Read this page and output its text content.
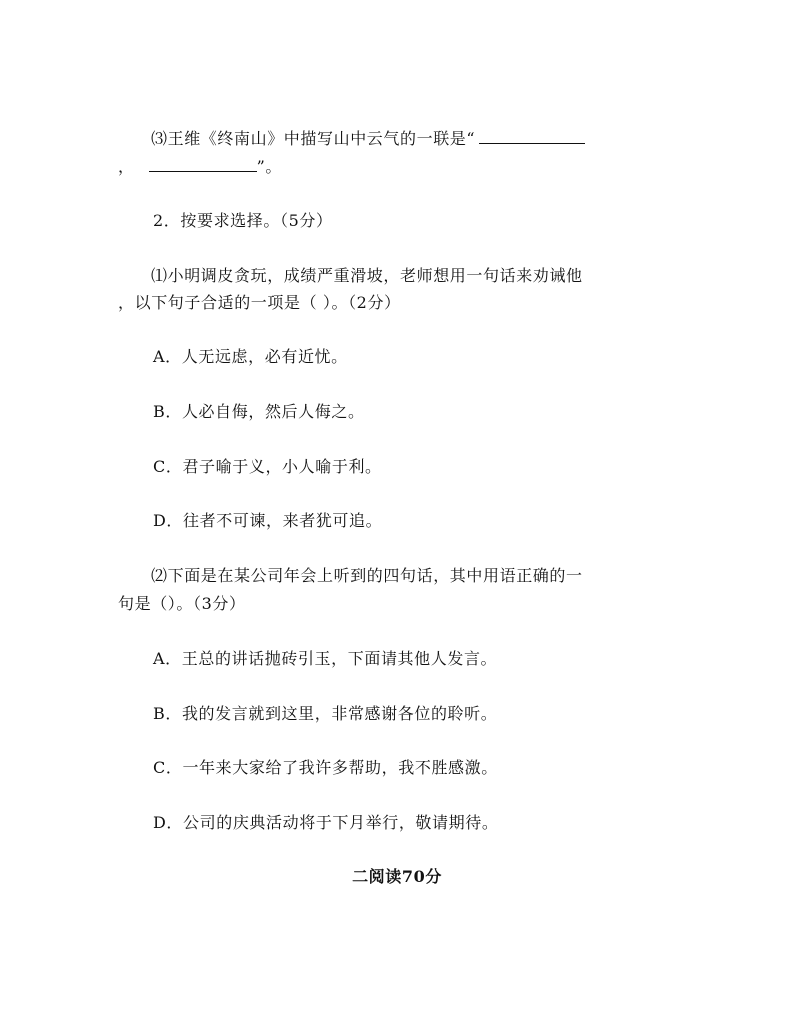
⑶王维《终南山》中描写山中云气的一联是“
，	”。
2．按要求选择。（5分）
⑴小明调皮贪玩，成绩严重滑坡，老师想用一句话来劝诫他
，以下句子合适的一项是（ ）。（2分）
A．人无远虑，必有近忧。
B．人必自侮，然后人侮之。
C．君子喻于义，小人喻于利。
D．往者不可谏，来者犹可追。
⑵下面是在某公司年会上听到的四句话，其中用语正确的一
句是（）。（3分）
A．王总的讲话抛砖引玉，下面请其他人发言。
B．我的发言就到这里，非常感谢各位的聆听。
C．一年来大家给了我许多帮助，我不胜感激。
D．公司的庆典活动将于下月举行，敬请期待。
二阅读70分
